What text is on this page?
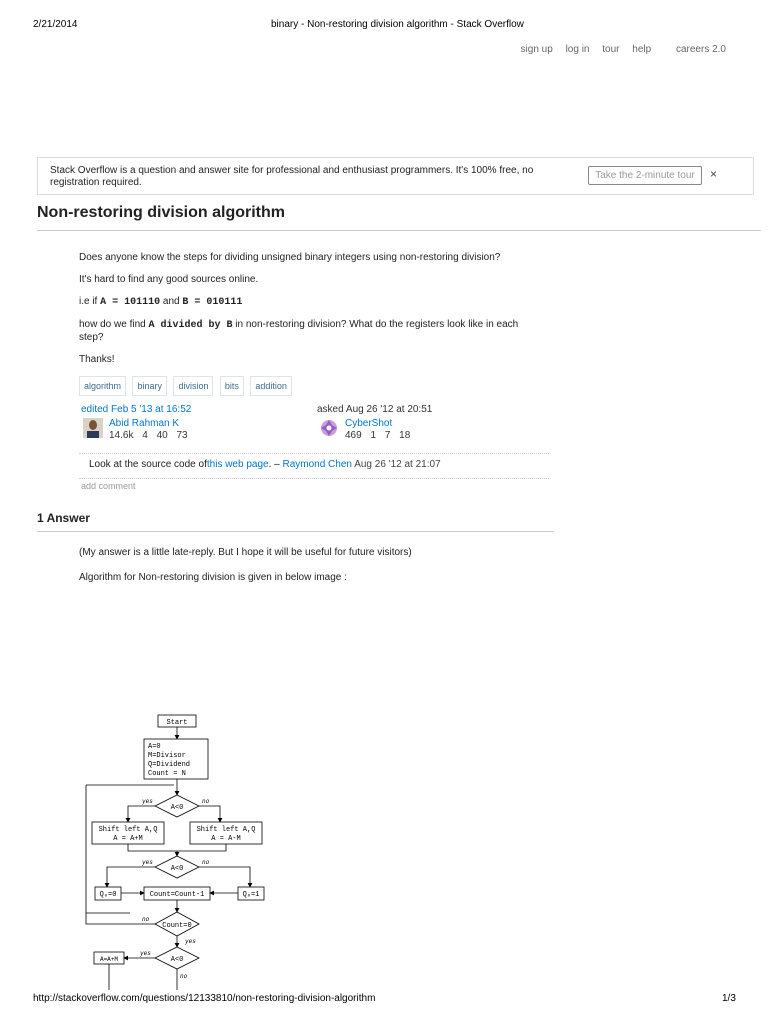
2/21/2014	binary - Non-restoring division algorithm - Stack Overflow
sign up log in tour help careers 2.0
Stack Overflow is a question and answer site for professional and enthusiast programmers. It's 100% free, no registration required.
Take the 2-minute tour	×
Non-restoring division algorithm
Does anyone know the steps for dividing unsigned binary integers using non-restoring division?
It's hard to find any good sources online.
i.e if A = 101110 and B = 010111
how do we find A divided by B in non-restoring division? What do the registers look like in each step?
Thanks!
algorithm binary division bits addition
edited Feb 5 '13 at 16:52
Abid Rahman K
14.6k 4 40 73
asked Aug 26 '12 at 20:51
CyberShot
469 1 7 18
Look at the source code ofthis web page. – Raymond Chen Aug 26 '12 at 21:07
add comment
1 Answer
(My answer is a little late-reply. But I hope it will be useful for future visitors)
Algorithm for Non-restoring division is given in below image :
Start
A=0
M=Divisor
Q=Dividend
Count = N
A<0
yes	no
Shift left A,Q
A = A+M
Shift left A,Q
A = A-M
A<0
yes	no
Q₀=0	Count=Count-1	Q₀=1
Count=0
no
yes
A<0
yes
no
A=A+M
http://stackoverflow.com/questions/12133810/non-restoring-division-algorithm	1/3
